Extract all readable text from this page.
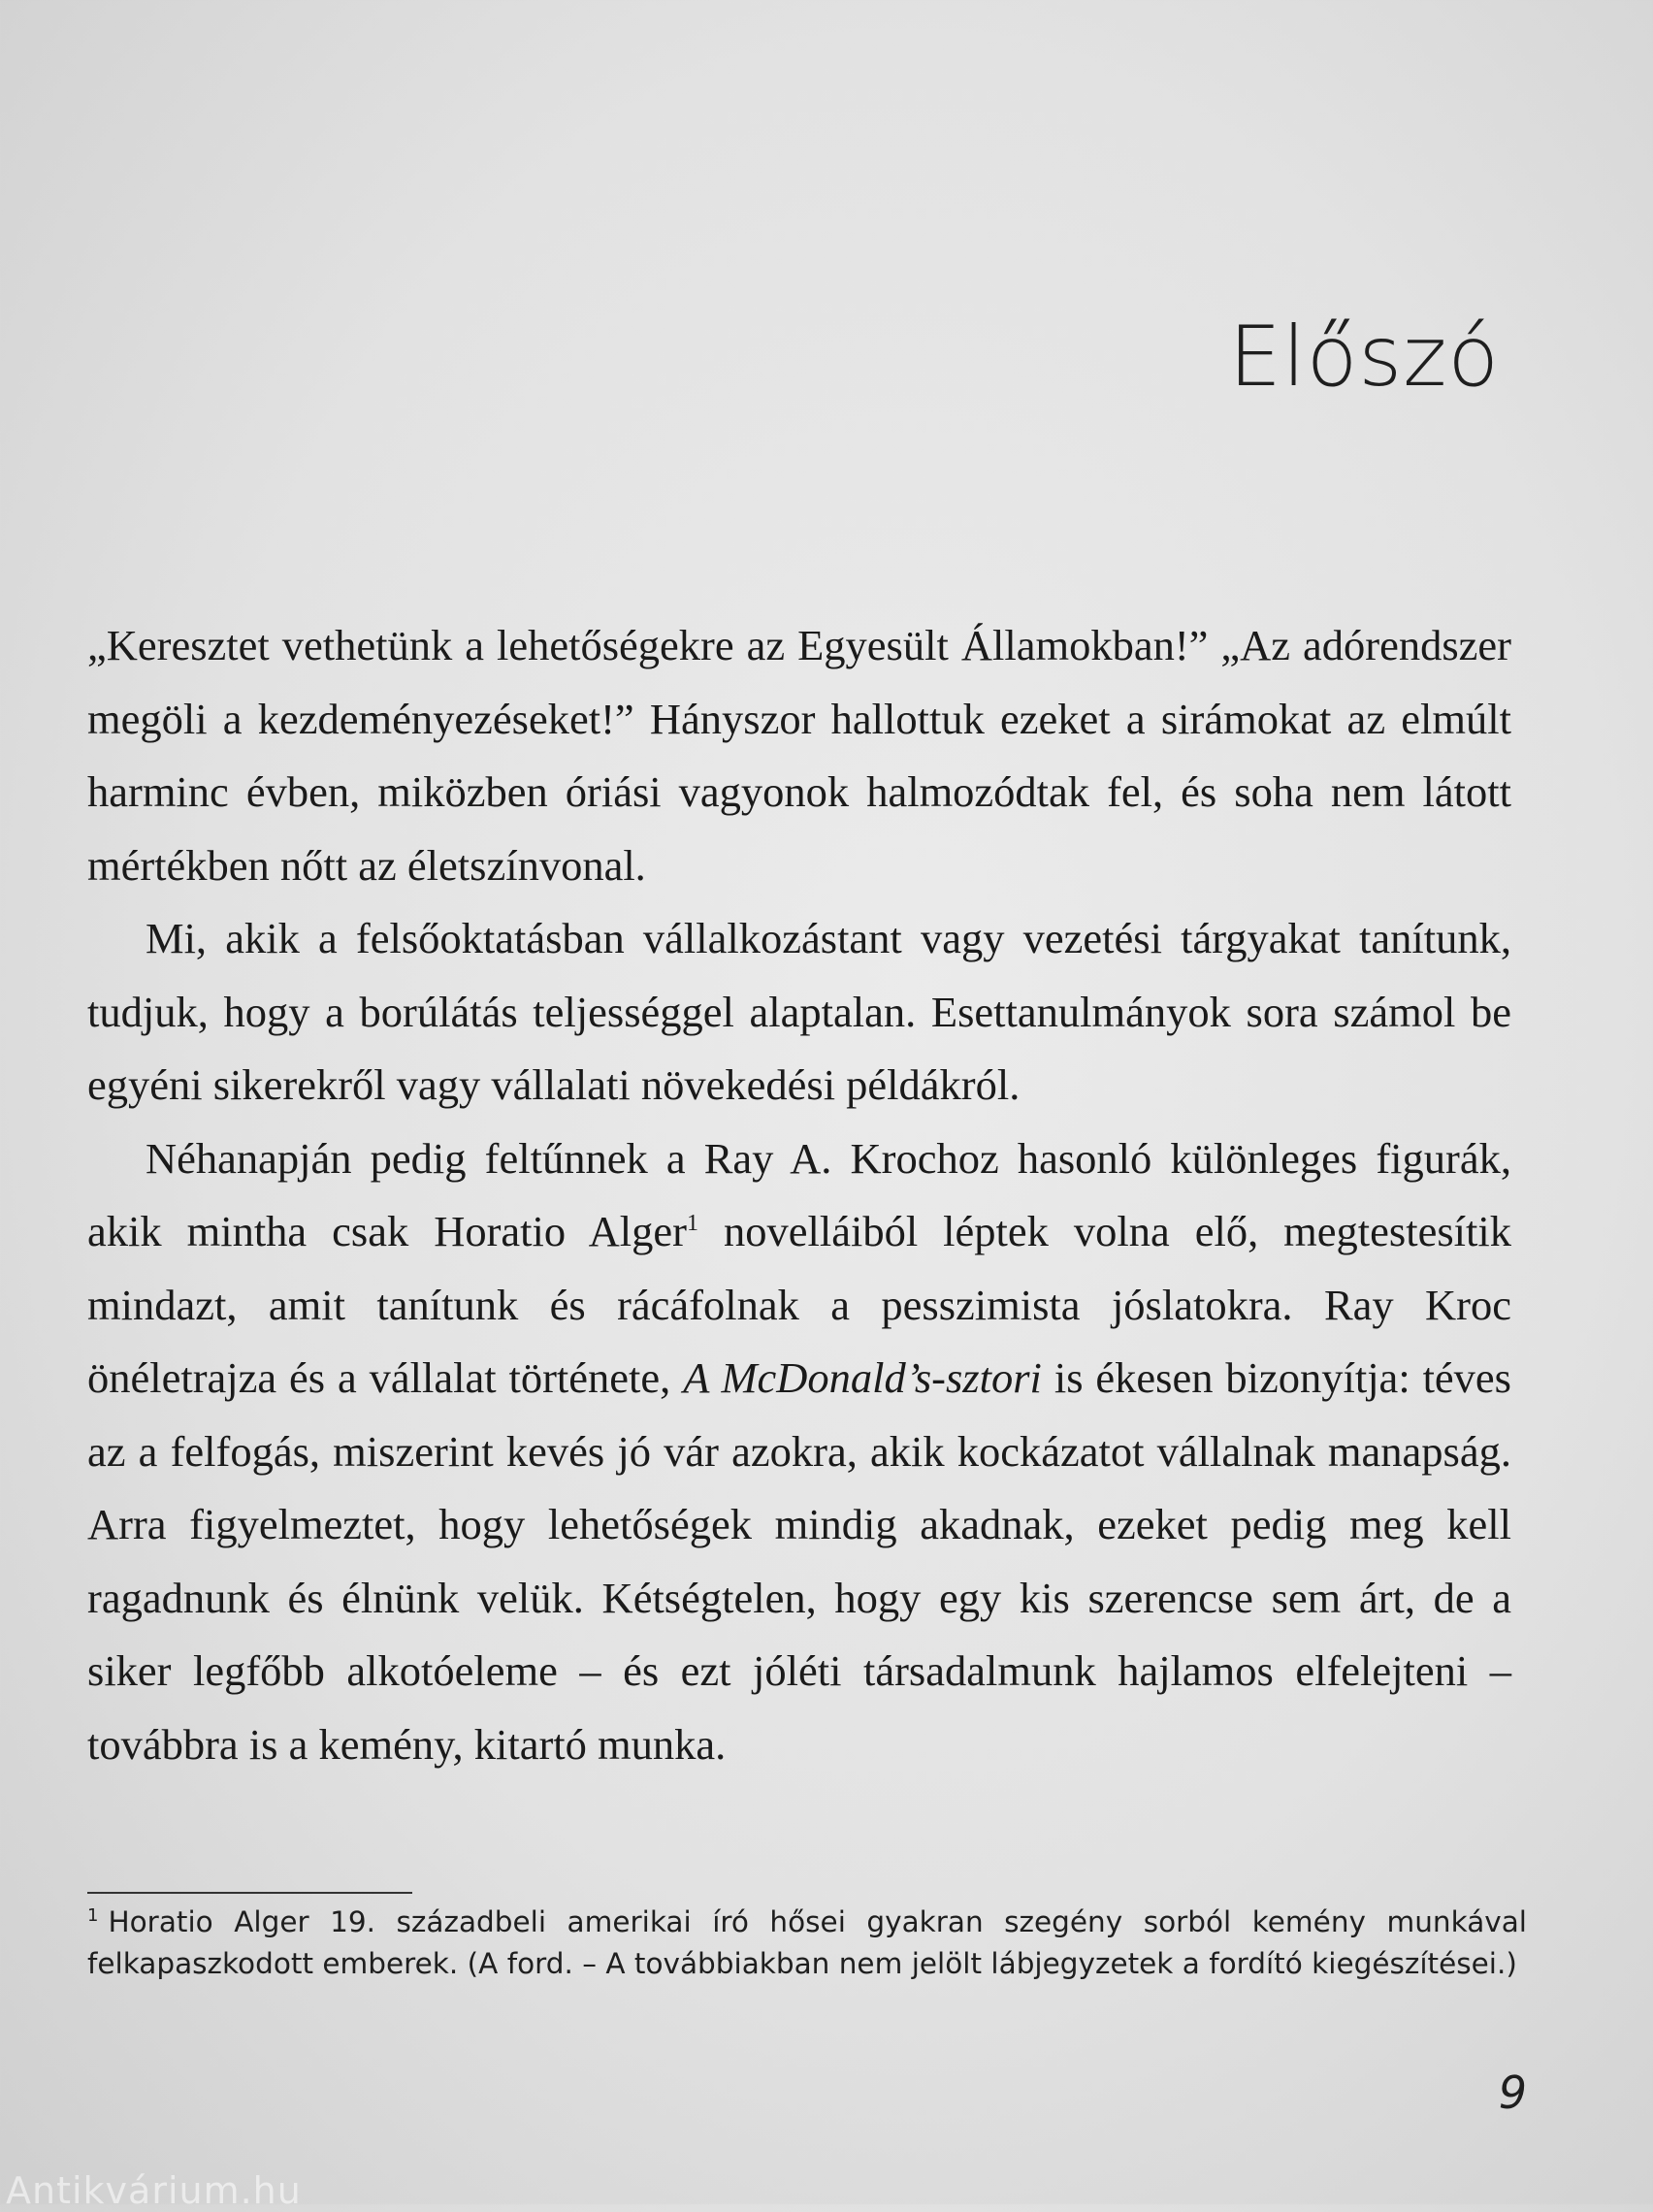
Előszó

„Keresztet vethetünk a lehetőségekre az Egyesült Államokban!” „Az adórendszer megöli a kezdeményezéseket!” Hányszor hallottuk ezeket a sirámokat az elmúlt harminc évben, miközben óriási vagyonok halmozódtak fel, és soha nem látott mértékben nőtt az életszínvonal.

Mi, akik a felsőoktatásban vállalkozástant vagy vezetési tárgyakat tanítunk, tudjuk, hogy a borúlátás teljességgel alaptalan. Esettanulmányok sora számol be egyéni sikerekről vagy vállalati növekedési példákról.

Néhanapján pedig feltűnnek a Ray A. Krochoz hasonló különleges figurák, akik mintha csak Horatio Alger$^1$ novelláiból léptek volna elő, megtestesítik mindazt, amit tanítunk és rácáfolnak a pesszimista jóslatokra. Ray Kroc önéletrajza és a vállalat története, A McDonald’s-sztori is ékesen bizonyítja: téves az a felfogás, miszerint kevés jó vár azokra, akik kockázatot vállalnak manapság. Arra figyelmeztet, hogy lehetőségek mindig akadnak, ezeket pedig meg kell ragadnunk és élnünk velük. Kétségtelen, hogy egy kis szerencse sem árt, de a siker legfőbb alkotóeleme – és ezt jóléti társadalmunk hajlamos elfelejteni – továbbra is a kemény, kitartó munka.

$^1$ Horatio Alger 19. századbeli amerikai író hősei gyakran szegény sorból kemény munkával felkapaszkodott emberek. (A ford. – A továbbiakban nem jelölt lábjegyzetek a fordító kiegészítései.)

9
Antikvárium.hu
